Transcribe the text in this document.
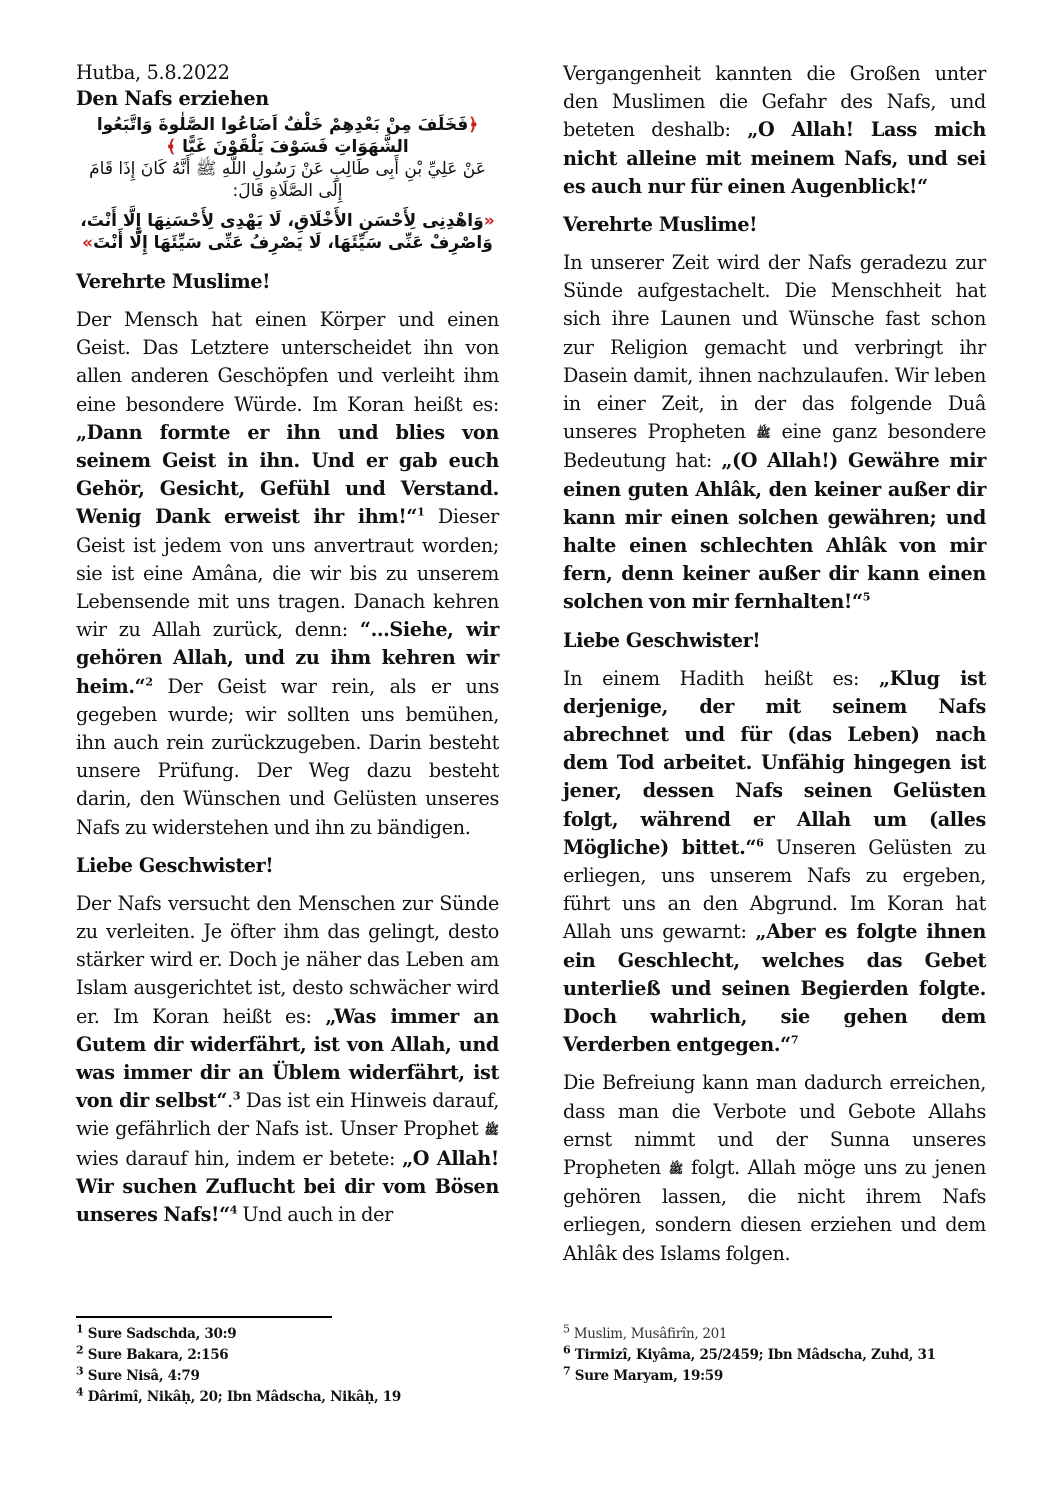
Hutba, 5.8.2022

Den Nafs erziehen

﴿فَخَلَفَ مِنْ بَعْدِهِمْ خَلْفٌ اَضَاعُوا الصَّلٰوةَ وَاتَّبَعُوا الشَّهَوَاتِ فَسَوْفَ يَلْقَوْنَ غَيًّا ﴾

عَنْ عَلِيِّ بْنِ أَبِى طَالِبٍ عَنْ رَسُولِ اللَّهِ ﷺ أَنَّهُ كَانَ إِذَا قَامَ إِلَى الصَّلَاةِ قَالَ:

«وَاهْدِنِى لِأَحْسَنِ الأَخْلَاقِ، لَا يَهْدِى لِأَحْسَنِهَا إِلَّا أَنْتَ، وَاصْرِفْ عَنِّى سَيِّئَهَا، لَا يَصْرِفُ عَنِّى سَيِّئَهَا إِلَّا أَنْتَ»

Verehrte Muslime!

Der Mensch hat einen Körper und einen Geist. Das Letztere unterscheidet ihn von allen anderen Geschöpfen und verleiht ihm eine besondere Würde. Im Koran heißt es: „Dann formte er ihn und blies von seinem Geist in ihn. Und er gab euch Gehör, Gesicht, Gefühl und Verstand. Wenig Dank erweist ihr ihm!“$^1$ Dieser Geist ist jedem von uns anvertraut worden; sie ist eine Amâna, die wir bis zu unserem Lebensende mit uns tragen. Danach kehren wir zu Allah zurück, denn: “…Siehe, wir gehören Allah, und zu ihm kehren wir heim.“$^2$ Der Geist war rein, als er uns gegeben wurde; wir sollten uns bemühen, ihn auch rein zurückzugeben. Darin besteht unsere Prüfung. Der Weg dazu besteht darin, den Wünschen und Gelüsten unseres Nafs zu widerstehen und ihn zu bändigen.

Liebe Geschwister!

Der Nafs versucht den Menschen zur Sünde zu verleiten. Je öfter ihm das gelingt, desto stärker wird er. Doch je näher das Leben am Islam ausgerichtet ist, desto schwächer wird er. Im Koran heißt es: „Was immer an Gutem dir widerfährt, ist von Allah, und was immer dir an Üblem widerfährt, ist von dir selbst“.$^3$ Das ist ein Hinweis darauf, wie gefährlich der Nafs ist. Unser Prophet ﷺ wies darauf hin, indem er betete: „O Allah! Wir suchen Zuflucht bei dir vom Bösen unseres Nafs!“$^4$ Und auch in der

Vergangenheit kannten die Großen unter den Muslimen die Gefahr des Nafs, und beteten deshalb: „O Allah! Lass mich nicht alleine mit meinem Nafs, und sei es auch nur für einen Augenblick!“

Verehrte Muslime!

In unserer Zeit wird der Nafs geradezu zur Sünde aufgestachelt. Die Menschheit hat sich ihre Launen und Wünsche fast schon zur Religion gemacht und verbringt ihr Dasein damit, ihnen nachzulaufen. Wir leben in einer Zeit, in der das folgende Duâ unseres Propheten ﷺ eine ganz besondere Bedeutung hat: „(O Allah!) Gewähre mir einen guten Ahlâk, den keiner außer dir kann mir einen solchen gewähren; und halte einen schlechten Ahlâk von mir fern, denn keiner außer dir kann einen solchen von mir fernhalten!“$^5$

Liebe Geschwister!

In einem Hadith heißt es: „Klug ist derjenige, der mit seinem Nafs abrechnet und für (das Leben) nach dem Tod arbeitet. Unfähig hingegen ist jener, dessen Nafs seinen Gelüsten folgt, während er Allah um (alles Mögliche) bittet.“$^6$ Unseren Gelüsten zu erliegen, uns unserem Nafs zu ergeben, führt uns an den Abgrund. Im Koran hat Allah uns gewarnt: „Aber es folgte ihnen ein Geschlecht, welches das Gebet unterließ und seinen Begierden folgte. Doch wahrlich, sie gehen dem Verderben entgegen.“$^7$

Die Befreiung kann man dadurch erreichen, dass man die Verbote und Gebote Allahs ernst nimmt und der Sunna unseres Propheten ﷺ folgt. Allah möge uns zu jenen gehören lassen, die nicht ihrem Nafs erliegen, sondern diesen erziehen und dem Ahlâk des Islams folgen.

$^1$ Sure Sadschda, 30:9
$^2$ Sure Bakara, 2:156
$^3$ Sure Nisâ, 4:79
$^4$ Dârimî, Nikâḥ, 20; Ibn Mâdscha, Nikâḥ, 19
$^5$ Muslim, Musâfirîn, 201
$^6$ Tirmizî, Kiyâma, 25/2459; Ibn Mâdscha, Zuhd, 31
$^7$ Sure Maryam, 19:59
